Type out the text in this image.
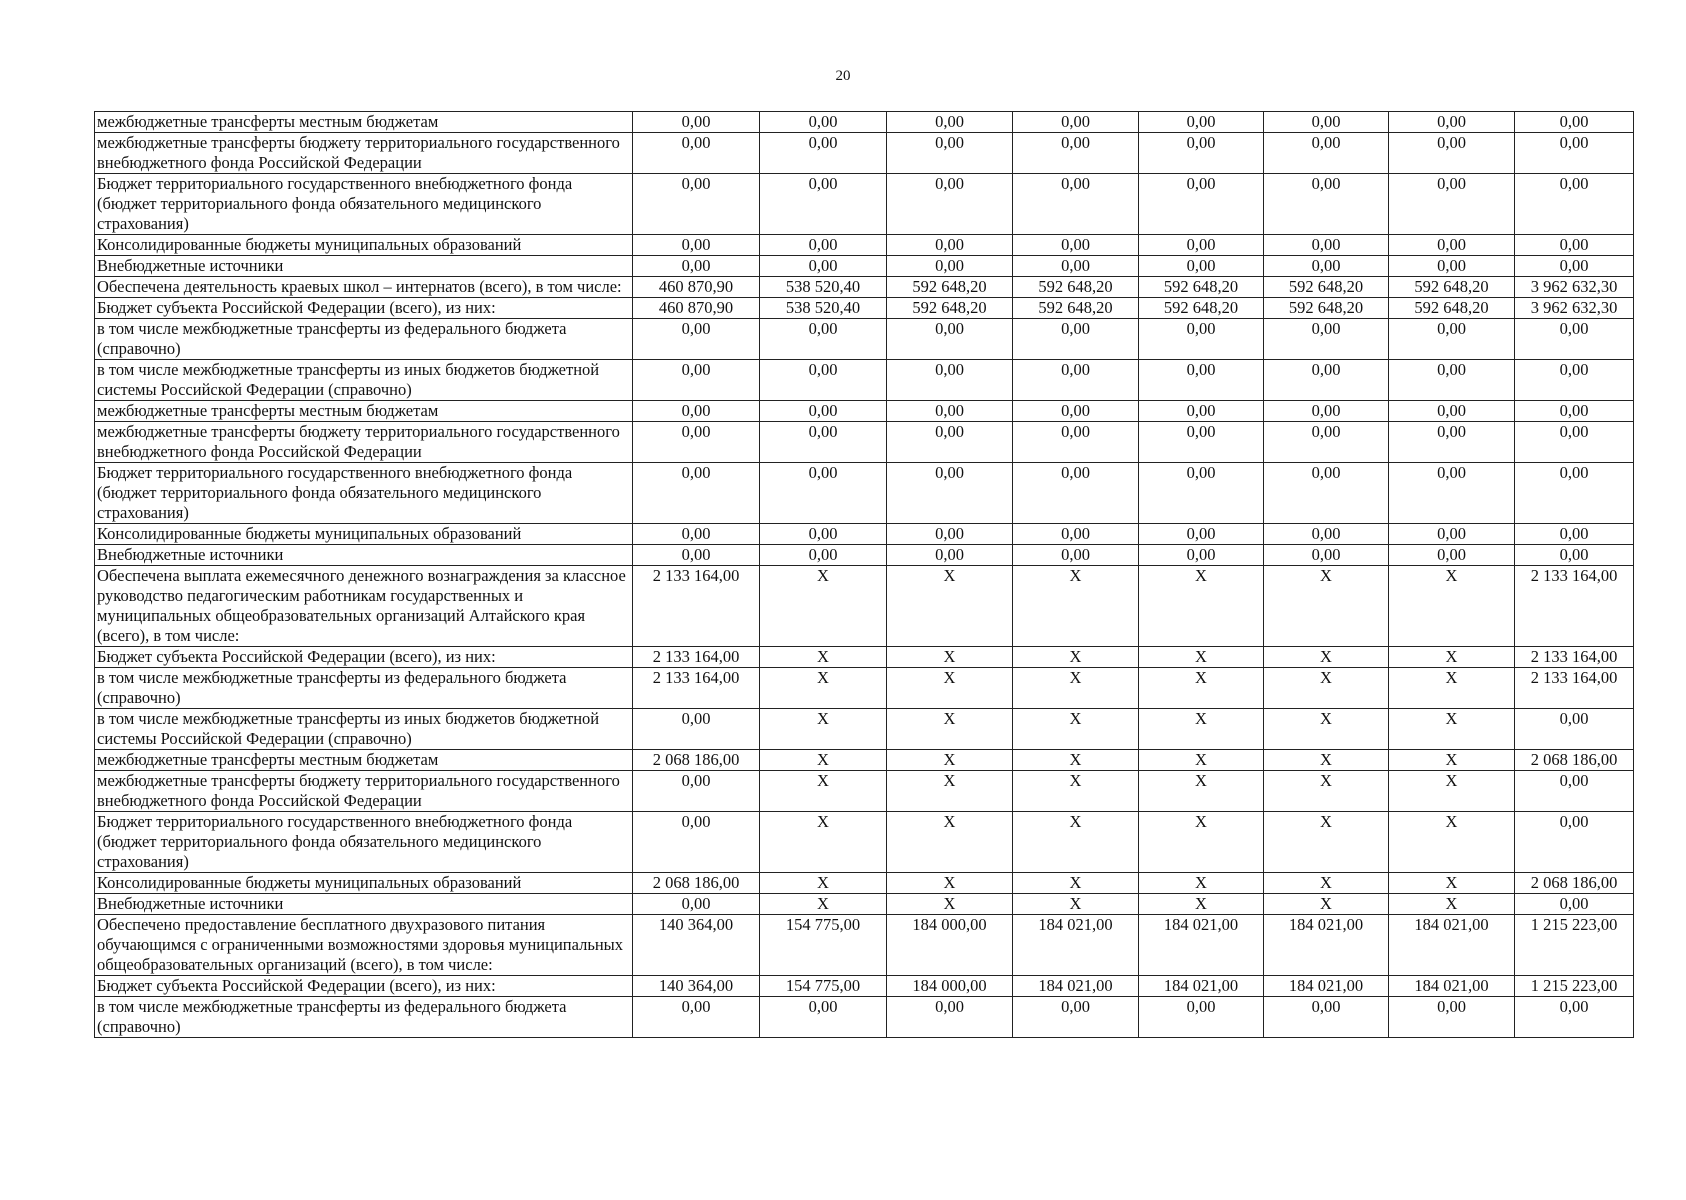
20
межбюджетные трансферты местным бюджетам	0,00	0,00	0,00	0,00	0,00	0,00	0,00	0,00
межбюджетные трансферты бюджету территориального государственного внебюджетного фонда Российской Федерации	0,00	0,00	0,00	0,00	0,00	0,00	0,00	0,00
Бюджет территориального государственного внебюджетного фонда (бюджет территориального фонда обязательного медицинского страхования)	0,00	0,00	0,00	0,00	0,00	0,00	0,00	0,00
Консолидированные бюджеты муниципальных образований	0,00	0,00	0,00	0,00	0,00	0,00	0,00	0,00
Внебюджетные источники	0,00	0,00	0,00	0,00	0,00	0,00	0,00	0,00
Обеспечена деятельность краевых школ – интернатов (всего), в том числе:	460 870,90	538 520,40	592 648,20	592 648,20	592 648,20	592 648,20	592 648,20	3 962 632,30
Бюджет субъекта Российской Федерации (всего), из них:	460 870,90	538 520,40	592 648,20	592 648,20	592 648,20	592 648,20	592 648,20	3 962 632,30
в том числе межбюджетные трансферты из федерального бюджета (справочно)	0,00	0,00	0,00	0,00	0,00	0,00	0,00	0,00
в том числе межбюджетные трансферты из иных бюджетов бюджетной системы Российской Федерации (справочно)	0,00	0,00	0,00	0,00	0,00	0,00	0,00	0,00
межбюджетные трансферты местным бюджетам	0,00	0,00	0,00	0,00	0,00	0,00	0,00	0,00
межбюджетные трансферты бюджету территориального государственного внебюджетного фонда Российской Федерации	0,00	0,00	0,00	0,00	0,00	0,00	0,00	0,00
Бюджет территориального государственного внебюджетного фонда (бюджет территориального фонда обязательного медицинского страхования)	0,00	0,00	0,00	0,00	0,00	0,00	0,00	0,00
Консолидированные бюджеты муниципальных образований	0,00	0,00	0,00	0,00	0,00	0,00	0,00	0,00
Внебюджетные источники	0,00	0,00	0,00	0,00	0,00	0,00	0,00	0,00
Обеспечена выплата ежемесячного денежного вознаграждения за классное руководство педагогическим работникам государственных и муниципальных общеобразовательных организаций Алтайского края (всего), в том числе:	2 133 164,00	X	X	X	X	X	X	2 133 164,00
Бюджет субъекта Российской Федерации (всего), из них:	2 133 164,00	X	X	X	X	X	X	2 133 164,00
в том числе межбюджетные трансферты из федерального бюджета (справочно)	2 133 164,00	X	X	X	X	X	X	2 133 164,00
в том числе межбюджетные трансферты из иных бюджетов бюджетной системы Российской Федерации (справочно)	0,00	X	X	X	X	X	X	0,00
межбюджетные трансферты местным бюджетам	2 068 186,00	X	X	X	X	X	X	2 068 186,00
межбюджетные трансферты бюджету территориального государственного внебюджетного фонда Российской Федерации	0,00	X	X	X	X	X	X	0,00
Бюджет территориального государственного внебюджетного фонда (бюджет территориального фонда обязательного медицинского страхования)	0,00	X	X	X	X	X	X	0,00
Консолидированные бюджеты муниципальных образований	2 068 186,00	X	X	X	X	X	X	2 068 186,00
Внебюджетные источники	0,00	X	X	X	X	X	X	0,00
Обеспечено предоставление бесплатного двухразового питания обучающимся с ограниченными возможностями здоровья муниципальных общеобразовательных организаций (всего), в том числе:	140 364,00	154 775,00	184 000,00	184 021,00	184 021,00	184 021,00	184 021,00	1 215 223,00
Бюджет субъекта Российской Федерации (всего), из них:	140 364,00	154 775,00	184 000,00	184 021,00	184 021,00	184 021,00	184 021,00	1 215 223,00
в том числе межбюджетные трансферты из федерального бюджета (справочно)	0,00	0,00	0,00	0,00	0,00	0,00	0,00	0,00
